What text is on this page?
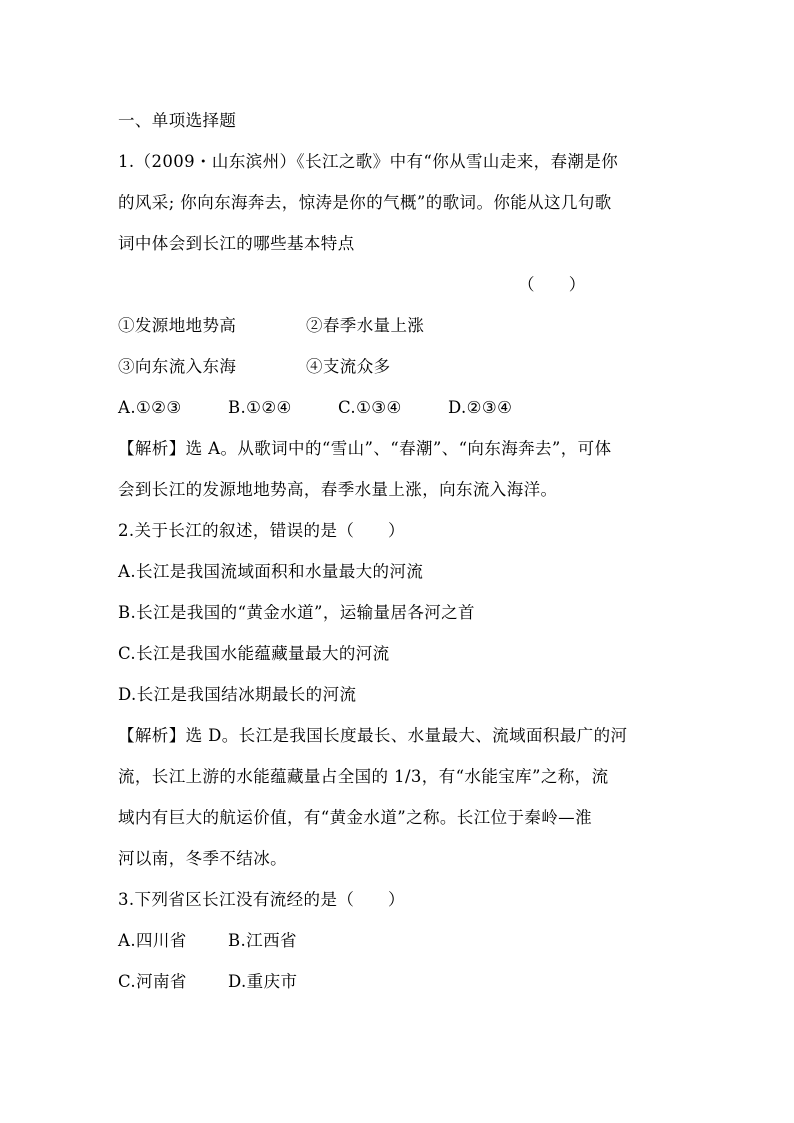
一、单项选择题
1.（2009・山东滨州）《长江之歌》中有“你从雪山走来，春潮是你
的风采; 你向东海奔去，惊涛是你的气概”的歌词。你能从这几句歌
词中体会到长江的哪些基本特点
（　　）
①发源地地势高	②春季水量上涨
③向东流入东海	④支流众多
A.①②③	B.①②④	C.①③④	D.②③④
【解析】选 A。从歌词中的“雪山”、“春潮”、“向东海奔去”，可体
会到长江的发源地地势高，春季水量上涨，向东流入海洋。
2.关于长江的叙述，错误的是（　　）
A.长江是我国流域面积和水量最大的河流
B.长江是我国的“黄金水道”，运输量居各河之首
C.长江是我国水能蕴藏量最大的河流
D.长江是我国结冰期最长的河流
【解析】选 D。长江是我国长度最长、水量最大、流域面积最广的河
流，长江上游的水能蕴藏量占全国的 1/3，有“水能宝库”之称，流
域内有巨大的航运价值，有“黄金水道”之称。长江位于秦岭—淮
河以南，冬季不结冰。
3.下列省区长江没有流经的是（　　）
A.四川省	B.江西省
C.河南省	D.重庆市
